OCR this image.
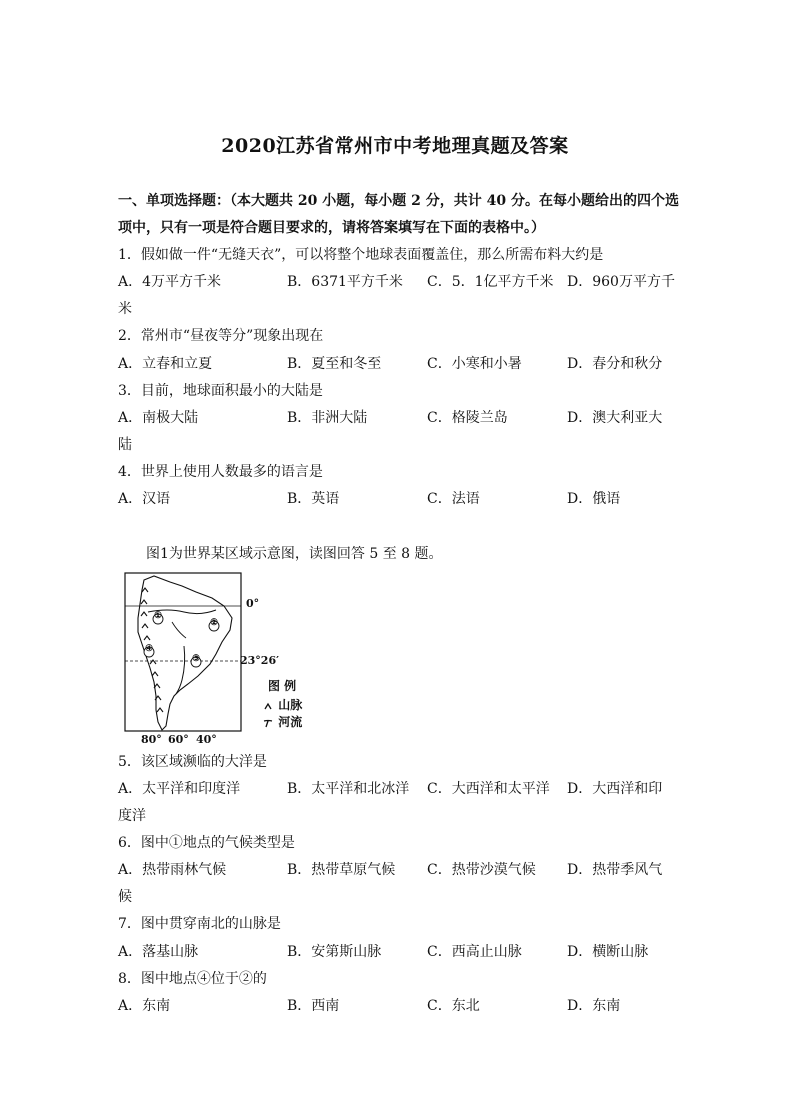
2020江苏省常州市中考地理真题及答案
一、单项选择题：（本大题共 20 小题，每小题 2 分，共计 40 分。在每小题给出的四个选
项中，只有一项是符合题目要求的，请将答案填写在下面的表格中。）
1．假如做一件“无缝天衣”，可以将整个地球表面覆盖住，那么所需布料大约是
A．4万平方千米	B．6371平方千米 C．5．1亿平方千米 D．960万平方千
米
2．常州市“昼夜等分”现象出现在
A．立春和立夏	B．夏至和冬至	C．小寒和小暑	D．春分和秋分
3．目前，地球面积最小的大陆是
A．南极大陆	B．非洲大陆	C．格陵兰岛	D．澳大利亚大
陆
4．世界上使用人数最多的语言是
A．汉语	B．英语	C．法语	D．俄语
图1为世界某区域示意图，读图回答 5 至 8 题。
①
②
③
④
0°
23°26′
80° 60° 40°
图 例
山脉
河流
5．该区域濒临的大洋是
A．太平洋和印度洋	B．太平洋和北冰洋 C．大西洋和太平洋 D．大西洋和印
度洋
6．图中①地点的气候类型是
A．热带雨林气候	B．热带草原气候 C．热带沙漠气候 D．热带季风气
候
7．图中贯穿南北的山脉是
A．落基山脉	B．安第斯山脉	C．西高止山脉	D．横断山脉
8．图中地点④位于②的
A．东南	B．西南	C．东北	D．东南
